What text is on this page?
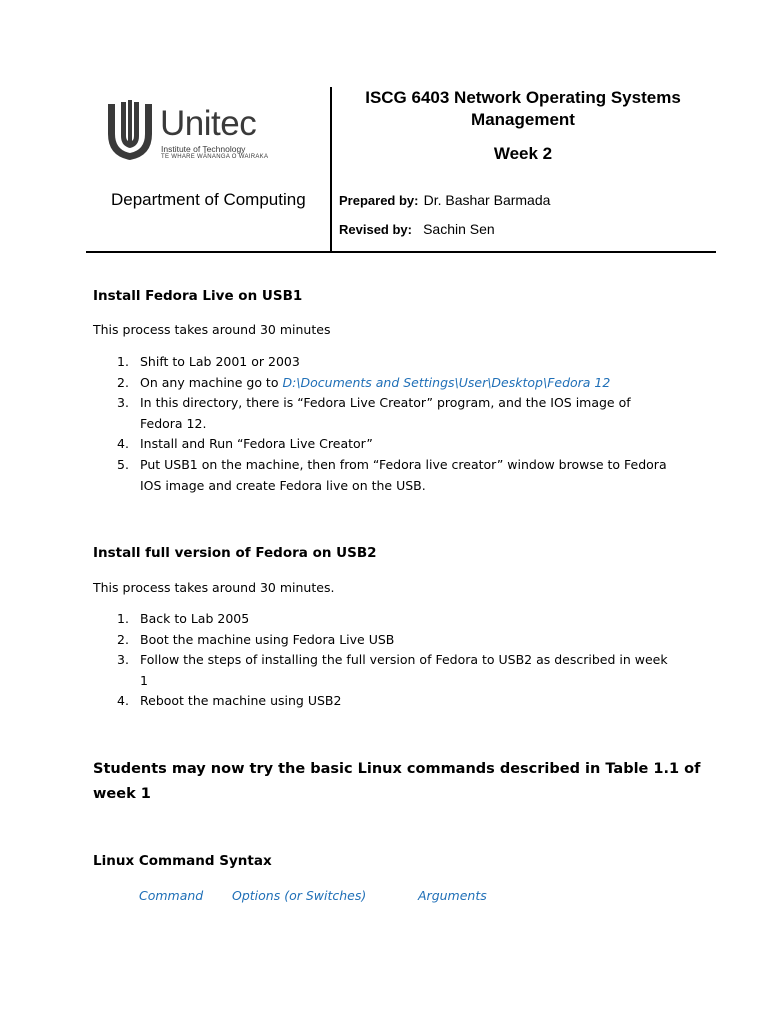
Unitec
Institute of Technology
TE WHARE WĀNANGA O WAIRAKA
Department of Computing
ISCG 6403 Network Operating Systems Management
Week 2
Prepared by: Dr. Bashar Barmada
Revised by: Sachin Sen
Install Fedora Live on USB1
This process takes around 30 minutes
1. Shift to Lab 2001 or 2003
2. On any machine go to D:\Documents and Settings\User\Desktop\Fedora 12
3. In this directory, there is “Fedora Live Creator” program, and the IOS image of
Fedora 12.
4. Install and Run “Fedora Live Creator”
5. Put USB1 on the machine, then from “Fedora live creator” window browse to Fedora
IOS image and create Fedora live on the USB.
Install full version of Fedora on USB2
This process takes around 30 minutes.
1. Back to Lab 2005
2. Boot the machine using Fedora Live USB
3. Follow the steps of installing the full version of Fedora to USB2 as described in week
1
4. Reboot the machine using USB2
Students may now try the basic Linux commands described in Table 1.1 of
week 1
Linux Command Syntax
Command Options (or Switches)	Arguments
